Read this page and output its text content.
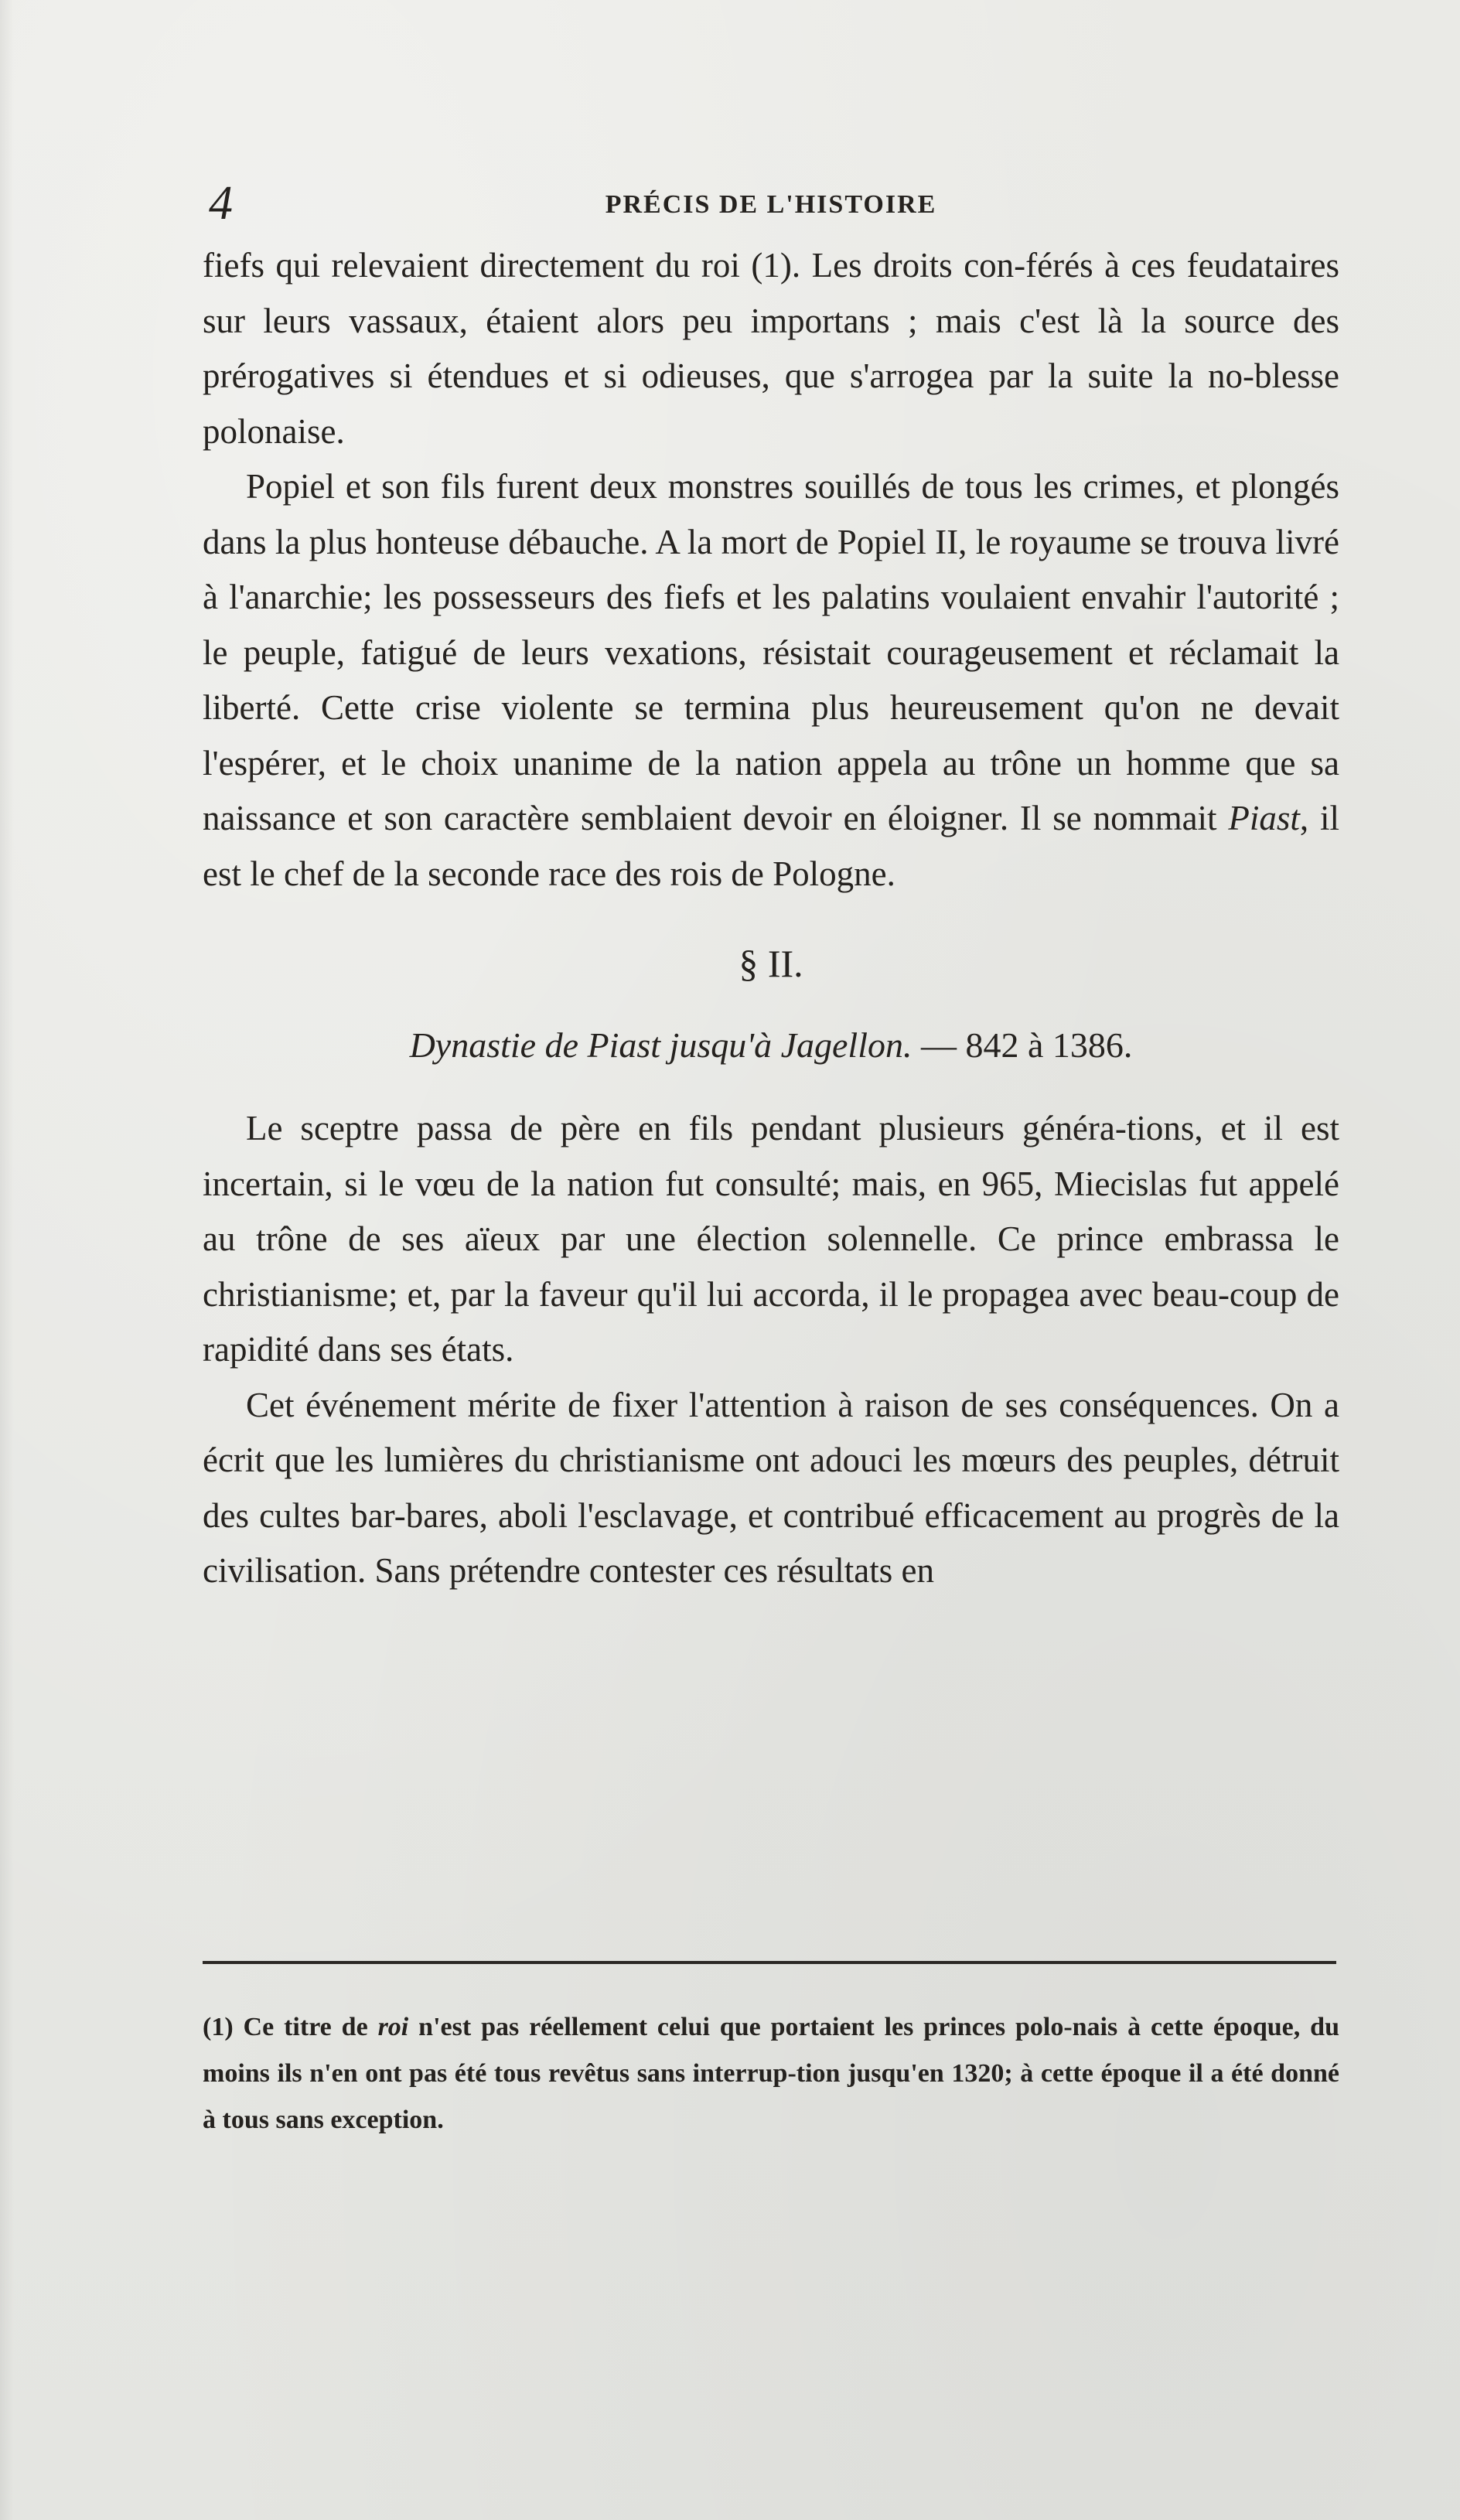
4	PRÉCIS DE L'HISTOIRE

fiefs qui relevaient directement du roi (1). Les droits con-férés à ces feudataires sur leurs vassaux, étaient alors peu importans ; mais c'est là la source des prérogatives si étendues et si odieuses, que s'arrogea par la suite la no-blesse polonaise.

Popiel et son fils furent deux monstres souillés de tous les crimes, et plongés dans la plus honteuse débauche. A la mort de Popiel II, le royaume se trouva livré à l'anarchie; les possesseurs des fiefs et les palatins voulaient envahir l'autorité ; le peuple, fatigué de leurs vexations, résistait courageusement et réclamait la liberté. Cette crise violente se termina plus heureusement qu'on ne devait l'espérer, et le choix unanime de la nation appela au trône un homme que sa naissance et son caractère semblaient devoir en éloigner. Il se nommait Piast, il est le chef de la seconde race des rois de Pologne.

§ II.
Dynastie de Piast jusqu'à Jagellon. — 842 à 1386.

Le sceptre passa de père en fils pendant plusieurs généra-tions, et il est incertain, si le vœu de la nation fut consulté; mais, en 965, Miecislas fut appelé au trône de ses aïeux par une élection solennelle. Ce prince embrassa le christianisme; et, par la faveur qu'il lui accorda, il le propagea avec beau-coup de rapidité dans ses états.

Cet événement mérite de fixer l'attention à raison de ses conséquences. On a écrit que les lumières du christianisme ont adouci les mœurs des peuples, détruit des cultes bar-bares, aboli l'esclavage, et contribué efficacement au progrès de la civilisation. Sans prétendre contester ces résultats en

(1) Ce titre de roi n'est pas réellement celui que portaient les princes polo-nais à cette époque, du moins ils n'en ont pas été tous revêtus sans interrup-tion jusqu'en 1320; à cette époque il a été donné à tous sans exception.
